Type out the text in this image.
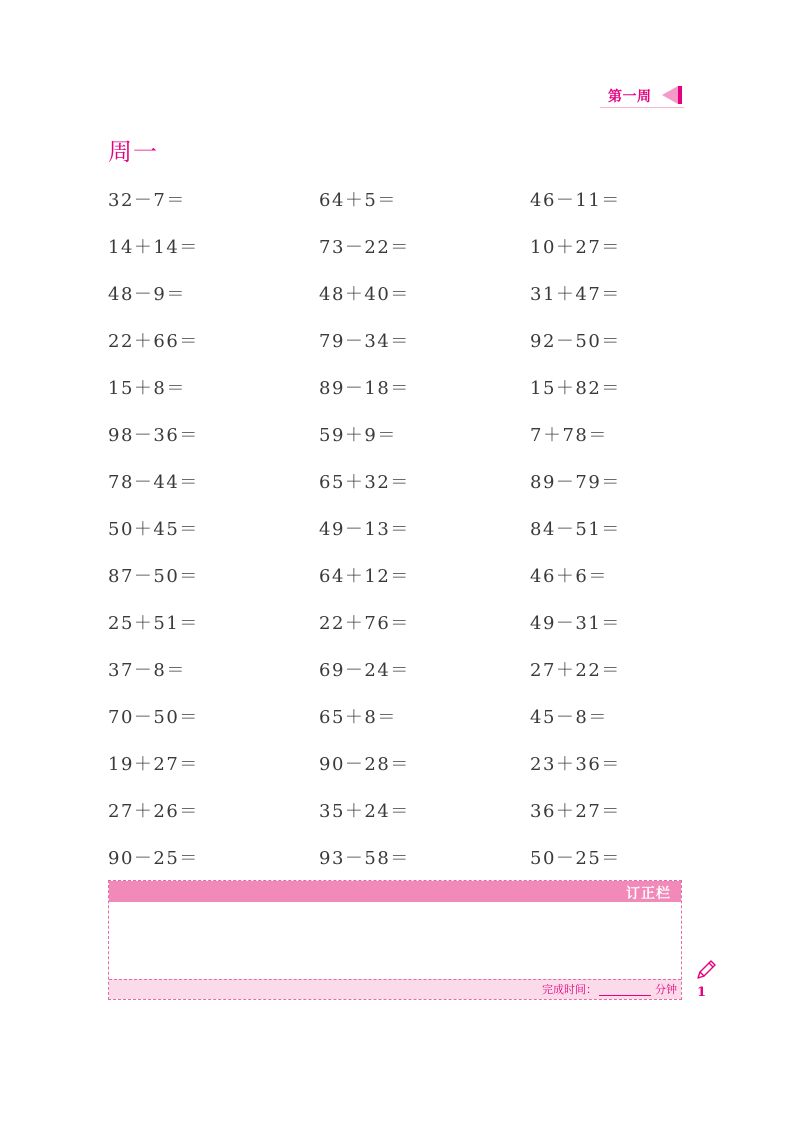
第一周
周一
32－7＝	64＋5＝	46－11＝
14＋14＝	73－22＝	10＋27＝
48－9＝	48＋40＝	31＋47＝
22＋66＝	79－34＝	92－50＝
15＋8＝	89－18＝	15＋82＝
98－36＝	59＋9＝	7＋78＝
78－44＝	65＋32＝	89－79＝
50＋45＝	49－13＝	84－51＝
87－50＝	64＋12＝	46＋6＝
25＋51＝	22＋76＝	49－31＝
37－8＝	69－24＝	27＋22＝
70－50＝	65＋8＝	45－8＝
19＋27＝	90－28＝	23＋36＝
27＋26＝	35＋24＝	36＋27＝
90－25＝	93－58＝	50－25＝
订正栏
完成时间：	分钟 1
